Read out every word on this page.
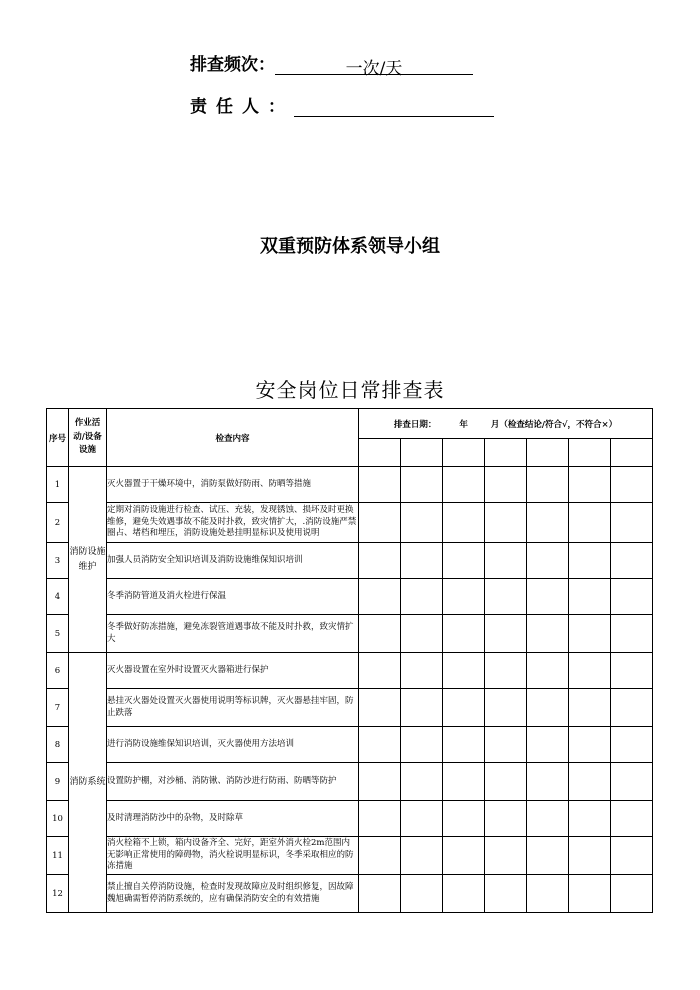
排查频次：	一次/天
责任人：
双重预防体系领导小组
安全岗位日常排查表
序号	作业活动/设备设施	检查内容	排查日期： 年 月（检查结论/符合√，不符合×）						

1	消防设施维护	灭火器置于干燥环境中，消防泵做好防雨、防晒等措施							
2		定期对消防设施进行检查、试压、充装，发现锈蚀、损坏及时更换维修，避免失效遇事故不能及时扑救，致灾情扩大，.消防设施严禁圈占、堵档和埋压，消防设施处悬挂明显标识及使用说明							
3		加强人员消防安全知识培训及消防设施维保知识培训							
4		冬季消防管道及消火栓进行保温							
5		冬季做好防冻措施，避免冻裂管道遇事故不能及时扑救，致灾情扩大							
6	消防系统	灭火器设置在室外时设置灭火器箱进行保护							
7		悬挂灭火器处设置灭火器使用说明等标识牌，灭火器悬挂牢固，防止跌落							
8		进行消防设施维保知识培训，灭火器使用方法培训							
9		设置防护棚，对沙桶、消防锹、消防沙进行防雨、防晒等防护							
10		及时清理消防沙中的杂物，及时除草							
11		消火栓箱不上锁，箱内设备齐全、完好，距室外消火栓2m范围内无影响正常使用的障碍物，消火栓说明显标识，冬季采取相应的防冻措施							
12		禁止擅自关停消防设施，检查时发现故障应及时组织修复，因故障魏旭确需暂停消防系统的，应有确保消防安全的有效措施							
